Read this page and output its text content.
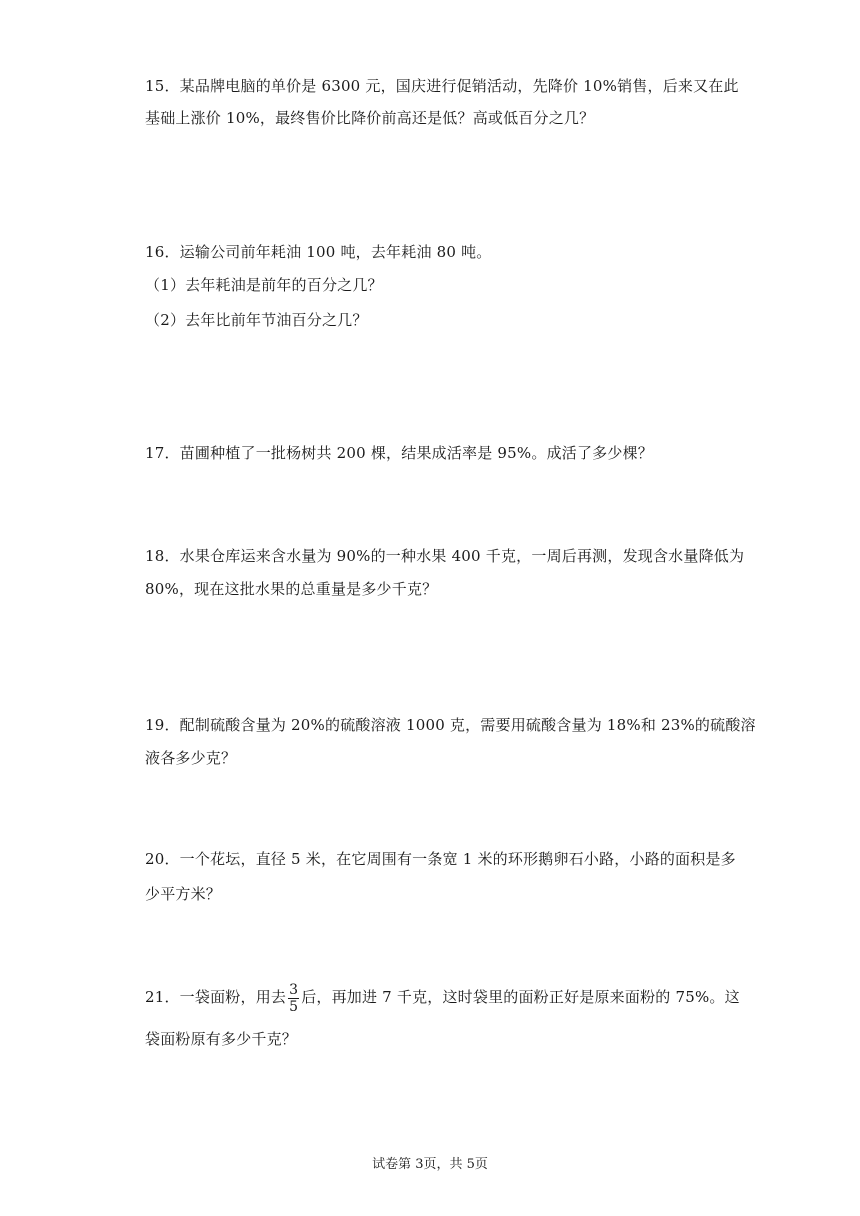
15．某品牌电脑的单价是 6300 元，国庆进行促销活动，先降价 10%销售，后来又在此
基础上涨价 10%，最终售价比降价前高还是低？高或低百分之几？
16．运输公司前年耗油 100 吨，去年耗油 80 吨。
（1）去年耗油是前年的百分之几？
（2）去年比前年节油百分之几？
17．苗圃种植了一批杨树共 200 棵，结果成活率是 95%。成活了多少棵？
18．水果仓库运来含水量为 90%的一种水果 400 千克，一周后再测，发现含水量降低为
80%，现在这批水果的总重量是多少千克？
19．配制硫酸含量为 20%的硫酸溶液 1000 克，需要用硫酸含量为 18%和 23%的硫酸溶
液各多少克？
20．一个花坛，直径 5 米，在它周围有一条宽 1 米的环形鹅卵石小路，小路的面积是多
少平方米？
21．一袋面粉，用去 $\frac{3}{5}$ 后，再加进 7 千克，这时袋里的面粉正好是原来面粉的 75%。这
袋面粉原有多少千克？
试卷第 3页，共 5页
